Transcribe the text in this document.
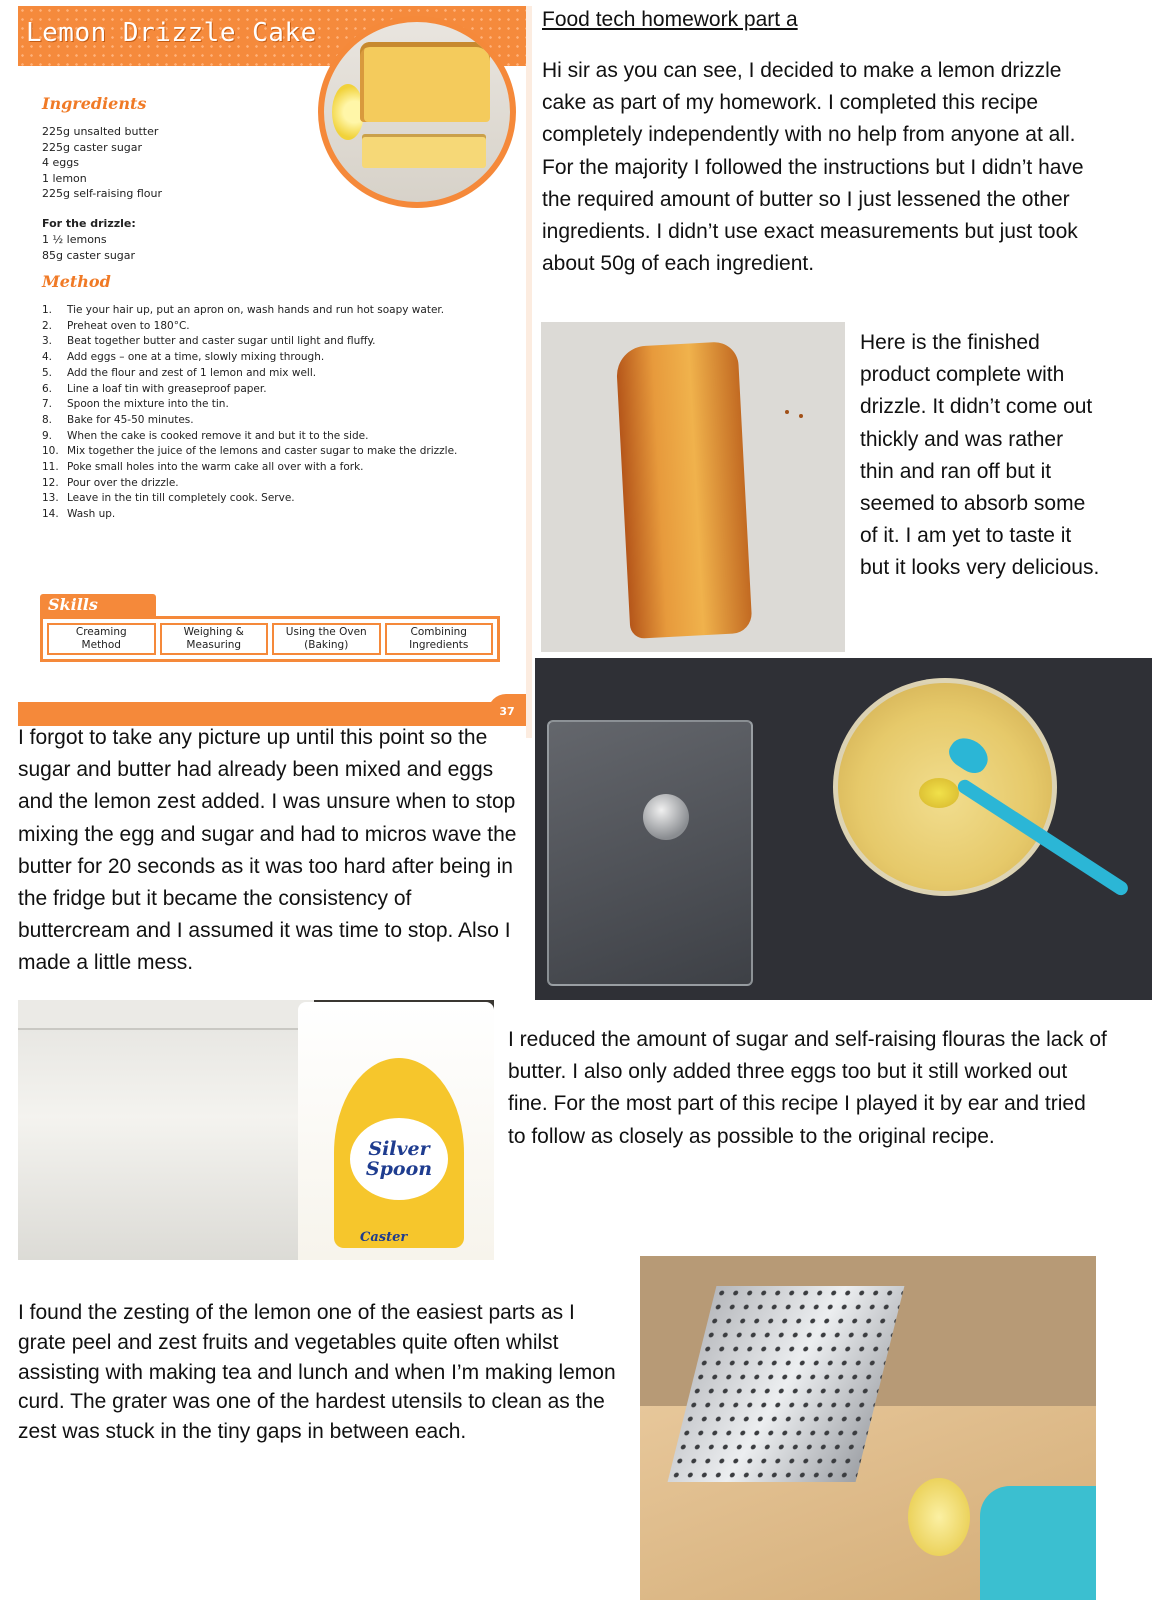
Lemon Drizzle Cake
Ingredients
225g unsalted butter
225g caster sugar
4 eggs
1 lemon
225g self-raising flour
For the drizzle:
1 ½ lemons
85g caster sugar
Method
1.	Tie your hair up, put an apron on, wash hands and run hot soapy water.
2.	Preheat oven to 180°C.
3.	Beat together butter and caster sugar until light and fluffy.
4.	Add eggs – one at a time, slowly mixing through.
5.	Add the flour and zest of 1 lemon and mix well.
6.	Line a loaf tin with greaseproof paper.
7.	Spoon the mixture into the tin.
8.	Bake for 45-50 minutes.
9.	When the cake is cooked remove it and but it to the side.
10. Mix together the juice of the lemons and caster sugar to make the drizzle.
11. Poke small holes into the warm cake all over with a fork.
12. Pour over the drizzle.
13. Leave in the tin till completely cook. Serve.
14. Wash up.
Skills
Creaming
Method
Weighing &
Measuring
Using the Oven
(Baking)
Combining
Ingredients
37
Food tech homework part a
Hi sir as you can see, I decided to make a lemon drizzle cake as part of my homework. I completed this recipe completely independently with no help from anyone at all. For the majority I followed the instructions but I didn’t have the required amount of butter so I just lessened the other ingredients. I didn’t use exact measurements but just took about 50g of each ingredient.
Here is the finished product complete with drizzle. It didn’t come out thickly and was rather thin and ran off but it seemed to absorb some of it. I am yet to taste it but it looks very delicious.
I forgot to take any picture up until this point so the sugar and butter had already been mixed and eggs and the lemon zest added. I was unsure when to stop mixing the egg and sugar and had to micros wave the butter for 20 seconds as it was too hard after being in the fridge but it became the consistency of buttercream and I assumed it was time to stop. Also I made a little mess.
I reduced the amount of sugar and self-raising flouras the lack of butter. I also only added three eggs too but it still worked out fine. For the most part of this recipe I played it by ear and tried to follow as closely as possible to the original recipe.
I found the zesting of the lemon one of the easiest parts as I grate peel and zest fruits and vegetables quite often whilst assisting with making tea and lunch and when I’m making lemon curd. The grater was one of the hardest utensils to clean as the zest was stuck in the tiny gaps in between each.
Silver
Spoon
Caster
